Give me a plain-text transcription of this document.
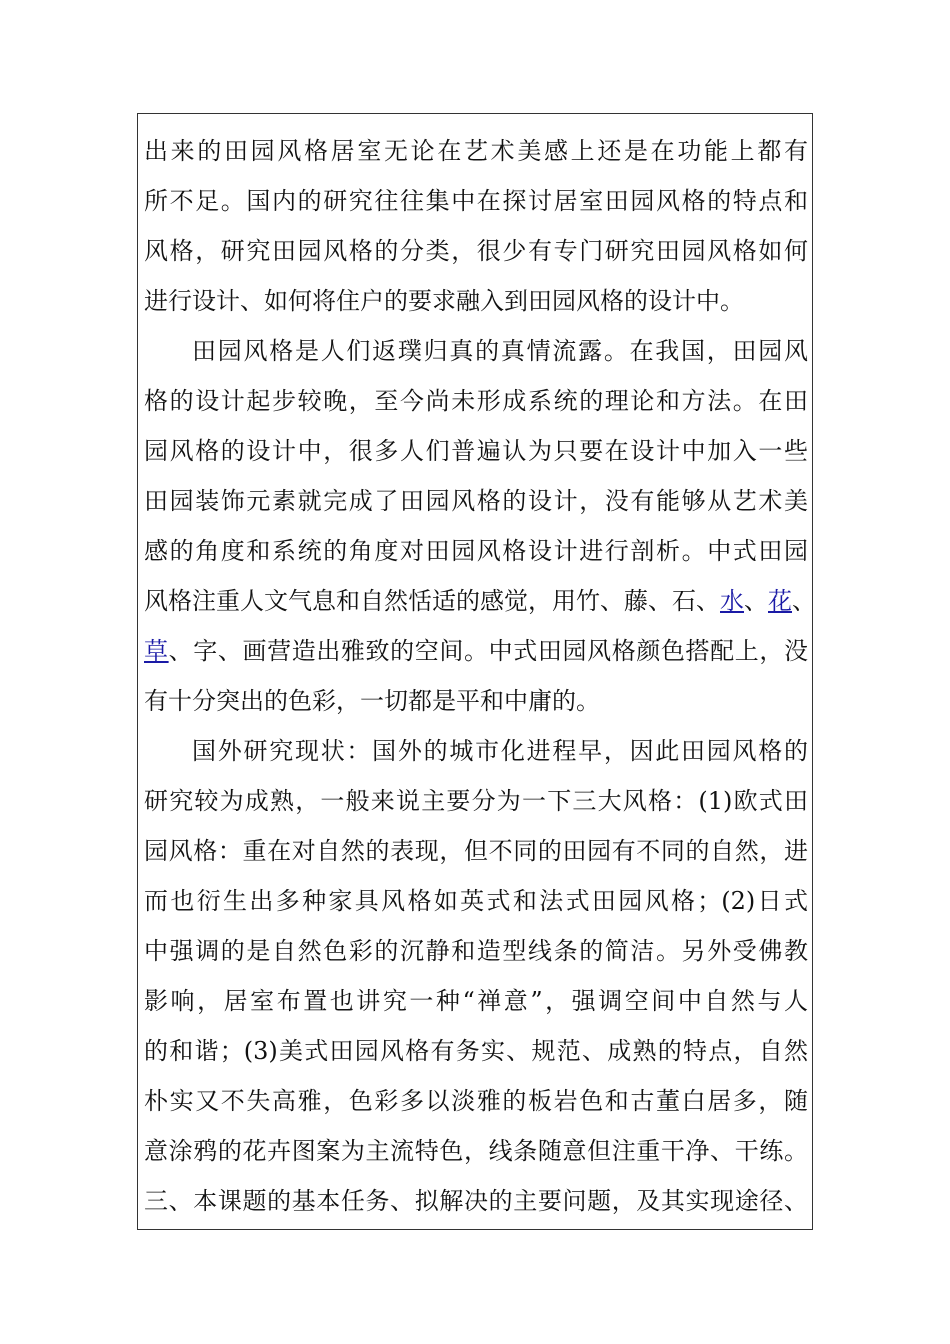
出来的田园风格居室无论在艺术美感上还是在功能上都有
所不足。国内的研究往往集中在探讨居室田园风格的特点和
风格，研究田园风格的分类，很少有专门研究田园风格如何
进行设计、如何将住户的要求融入到田园风格的设计中。
田园风格是人们返璞归真的真情流露。在我国，田园风
格的设计起步较晚，至今尚未形成系统的理论和方法。在田
园风格的设计中，很多人们普遍认为只要在设计中加入一些
田园装饰元素就完成了田园风格的设计，没有能够从艺术美
感的角度和系统的角度对田园风格设计进行剖析。中式田园
风格注重人文气息和自然恬适的感觉，用竹、藤、石、水、花、
草、字、画营造出雅致的空间。中式田园风格颜色搭配上，没
有十分突出的色彩，一切都是平和中庸的。
国外研究现状：国外的城市化进程早，因此田园风格的
研究较为成熟，一般来说主要分为一下三大风格：(1)欧式田
园风格：重在对自然的表现，但不同的田园有不同的自然，进
而也衍生出多种家具风格如英式和法式田园风格；(2)日式
中强调的是自然色彩的沉静和造型线条的简洁。另外受佛教
影响，居室布置也讲究一种“禅意”，强调空间中自然与人
的和谐；(3)美式田园风格有务实、规范、成熟的特点，自然
朴实又不失高雅，色彩多以淡雅的板岩色和古董白居多，随
意涂鸦的花卉图案为主流特色，线条随意但注重干净、干练。
三、本课题的基本任务、拟解决的主要问题，及其实现途径、
